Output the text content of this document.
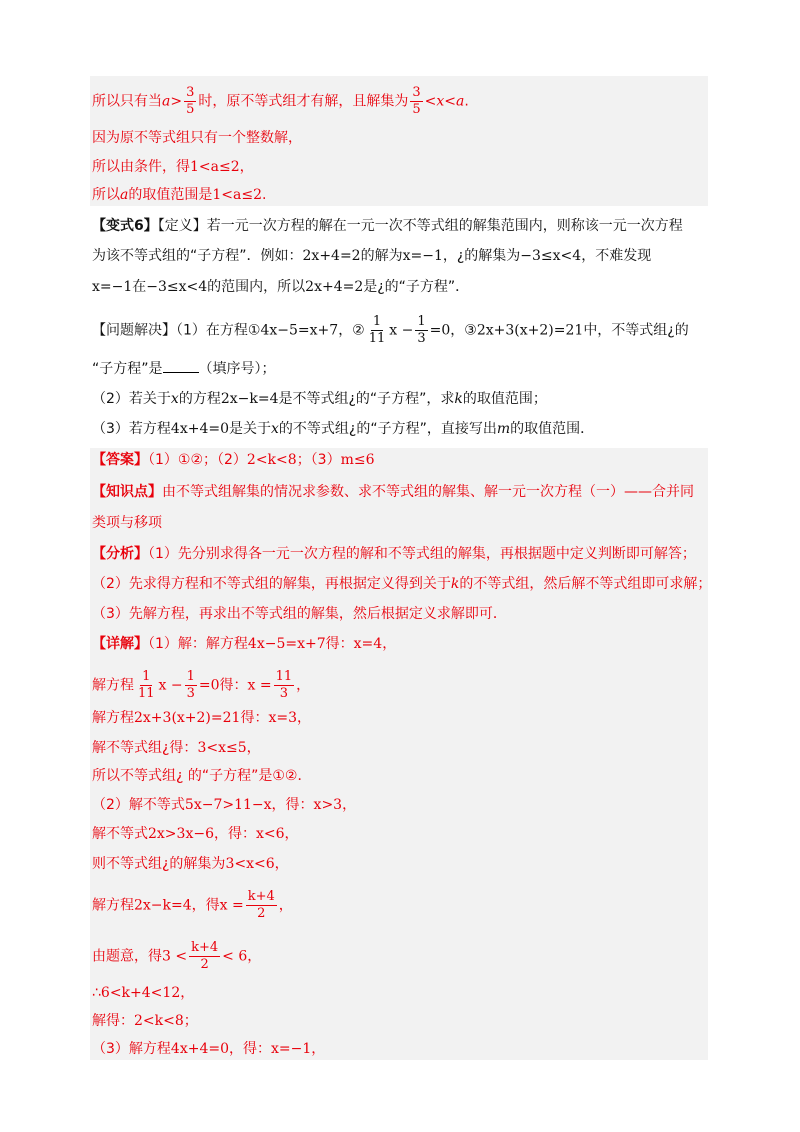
所以只有当$a> \frac{3}{5}$ 时，原不等式组才有解，且解集为 $\frac{3}{5} <x<a$.
因为原不等式组只有一个整数解，
所以由条件，得1<a≤2，
所以a的取值范围是1<a≤2.
【变式6】【定义】若一元一次方程的解在一元一次不等式组的解集范围内，则称该一元一次方程
为该不等式组的“子方程”．例如：2x+4=2的解为x=−1，¿的解集为−3≤x<4，不难发现
x=−1在−3≤x<4的范围内，所以2x+4=2是¿的“子方程”．
【问题解决】（1）在方程①4x−5=x+7，② $\frac{1}{11}$ $x - \frac{1}{3} =0$，③2x+3(x+2)=21中，不等式组¿的
“子方程”是	（填序号）；
（2）若关于x的方程2x−k=4是不等式组¿的“子方程”，求k的取值范围；
（3）若方程4x+4=0是关于x的不等式组¿的“子方程”，直接写出m的取值范围．
【答案】（1）①②；（2）2<k<8；（3）m≤6
【知识点】由不等式组解集的情况求参数、求不等式组的解集、解一元一次方程（一）——合并同
类项与移项
【分析】（1）先分别求得各一元一次方程的解和不等式组的解集，再根据题中定义判断即可解答；
（2）先求得方程和不等式组的解集，再根据定义得到关于k的不等式组，然后解不等式组即可求解；
（3）先解方程，再求出不等式组的解集，然后根据定义求解即可．
【详解】（1）解：解方程4x−5=x+7得：x=4，
解方程 $\frac{1}{11}$ $x - \frac{1}{3} =0$得：$x = \frac{11}{3}$ ，
解方程2x+3(x+2)=21得：x=3，
解不等式组¿得：3<x≤5，
所以不等式组¿ 的“子方程”是①②．
（2）解不等式5x−7>11−x，得：x>3，
解不等式2x>3x−6，得：x<6，
则不等式组¿的解集为3<x<6，
解方程2x−k=4，得$x = \frac{k+4}{2}$ ，
由题意，得$3 < \frac{k+4}{2} < 6$，
∴6<k+4<12，
解得：2<k<8；
（3）解方程4x+4=0，得：x=−1，
